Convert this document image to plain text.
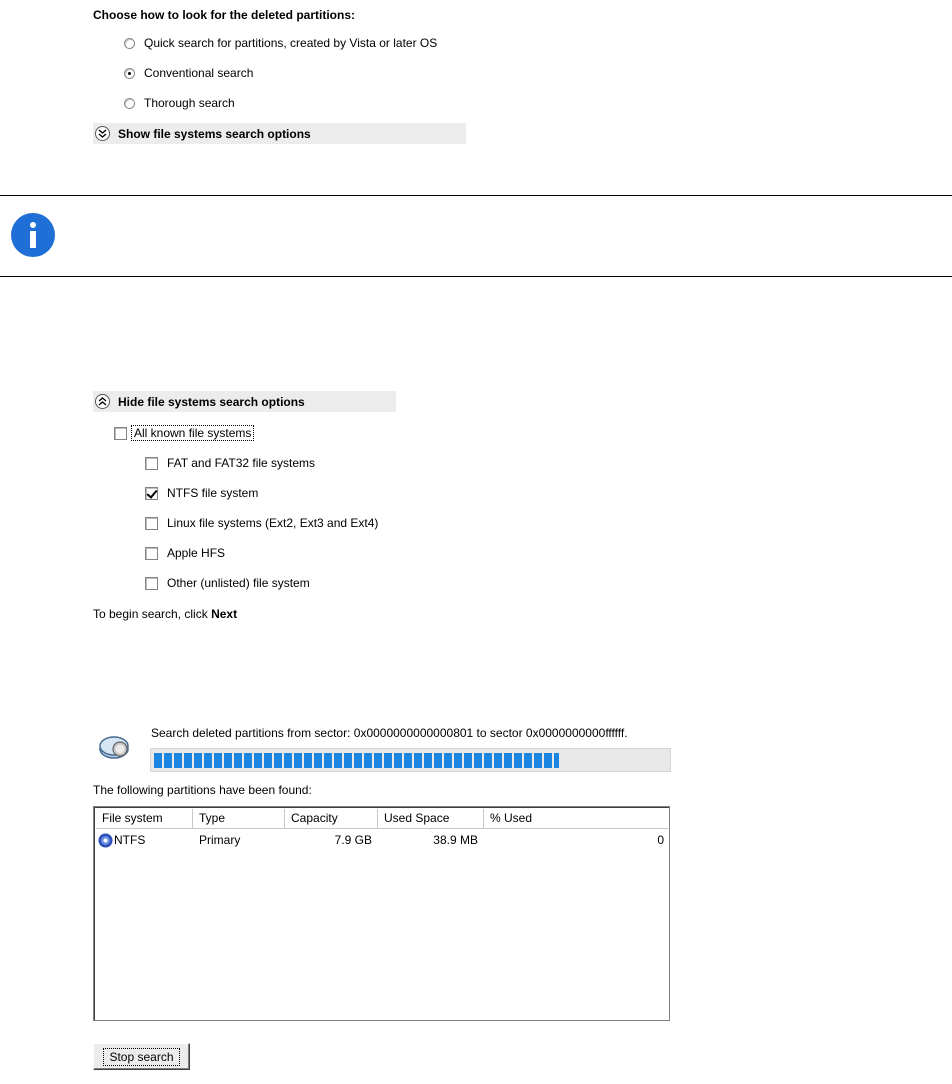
Choose how to look for the deleted partitions:
Quick search for partitions, created by Vista or later OS
Conventional search
Thorough search
Show file systems search options
Hide file systems search options
All known file systems
FAT and FAT32 file systems
NTFS file system
Linux file systems (Ext2, Ext3 and Ext4)
Apple HFS
Other (unlisted) file system
To begin search, click Next
Search deleted partitions from sector: 0x0000000000000801 to sector 0x0000000000ffffff.
The following partitions have been found:
File system	Type	Capacity	Used Space	% Used
NTFS	Primary	7.9 GB	38.9 MB	0
Stop search
